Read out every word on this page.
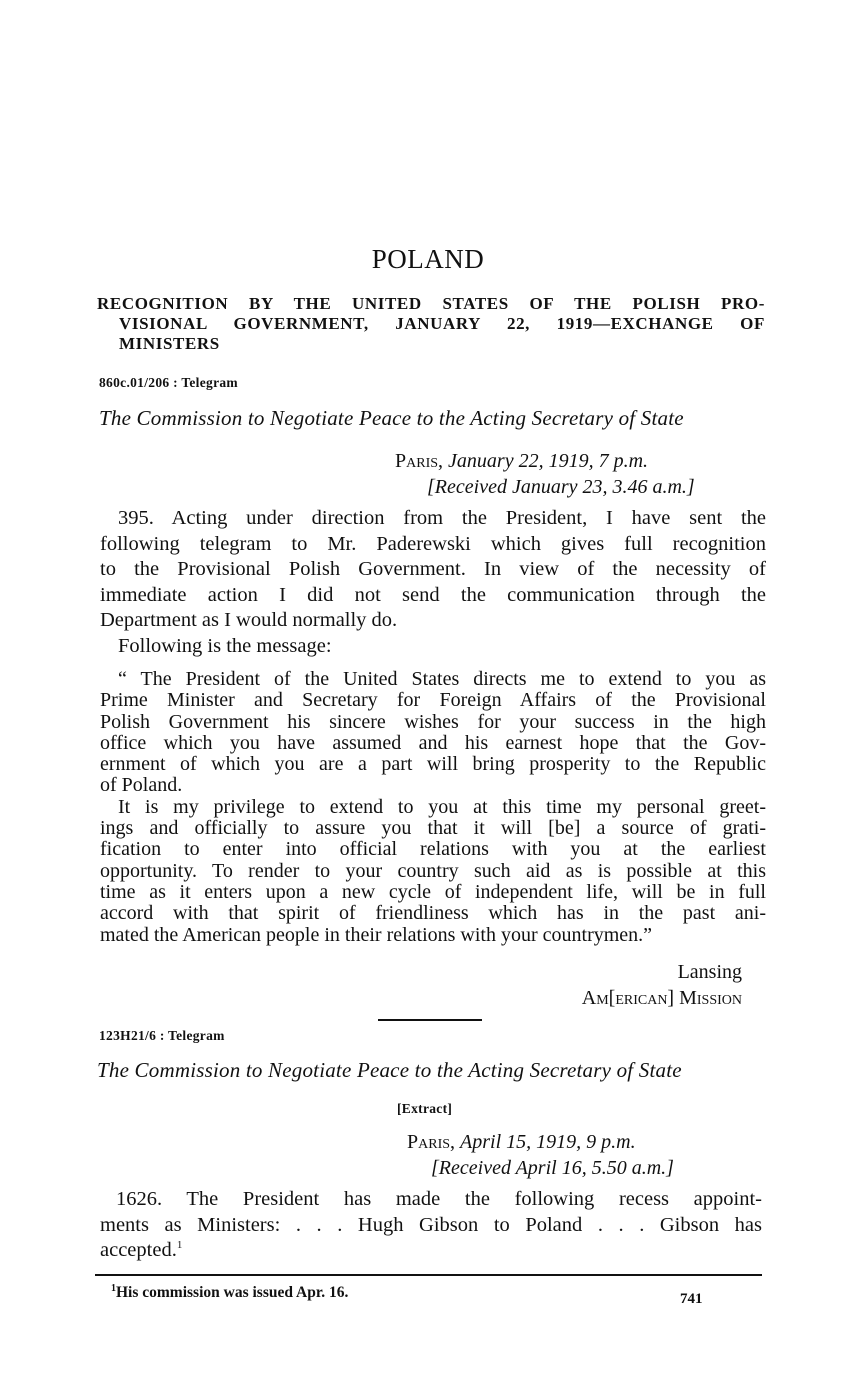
POLAND
RECOGNITION BY THE UNITED STATES OF THE POLISH PRO-
VISIONAL GOVERNMENT, JANUARY 22, 1919—EXCHANGE OF
MINISTERS
860c.01/206 : Telegram
The Commission to Negotiate Peace to the Acting Secretary of State
Paris, January 22, 1919, 7 p.m.
[Received January 23, 3.46 a.m.]
395. Acting under direction from the President, I have sent the
following telegram to Mr. Paderewski which gives full recognition
to the Provisional Polish Government. In view of the necessity of
immediate action I did not send the communication through the
Department as I would normally do.
Following is the message:
“ The President of the United States directs me to extend to you as
Prime Minister and Secretary for Foreign Affairs of the Provisional
Polish Government his sincere wishes for your success in the high
office which you have assumed and his earnest hope that the Gov-
ernment of which you are a part will bring prosperity to the Republic
of Poland.
It is my privilege to extend to you at this time my personal greet-
ings and officially to assure you that it will [be] a source of grati-
fication to enter into official relations with you at the earliest
opportunity. To render to your country such aid as is possible at this
time as it enters upon a new cycle of independent life, will be in full
accord with that spirit of friendliness which has in the past ani-
mated the American people in their relations with your countrymen.”
Lansing
Am[erican] Mission
123H21/6 : Telegram
The Commission to Negotiate Peace to the Acting Secretary of State
[Extract]
Paris, April 15, 1919, 9 p.m.
[Received April 16, 5.50 a.m.]
1626. The President has made the following recess appoint-
ments as Ministers: . . . Hugh Gibson to Poland . . . Gibson has
accepted.$^1$
$^1$His commission was issued Apr. 16.	741
